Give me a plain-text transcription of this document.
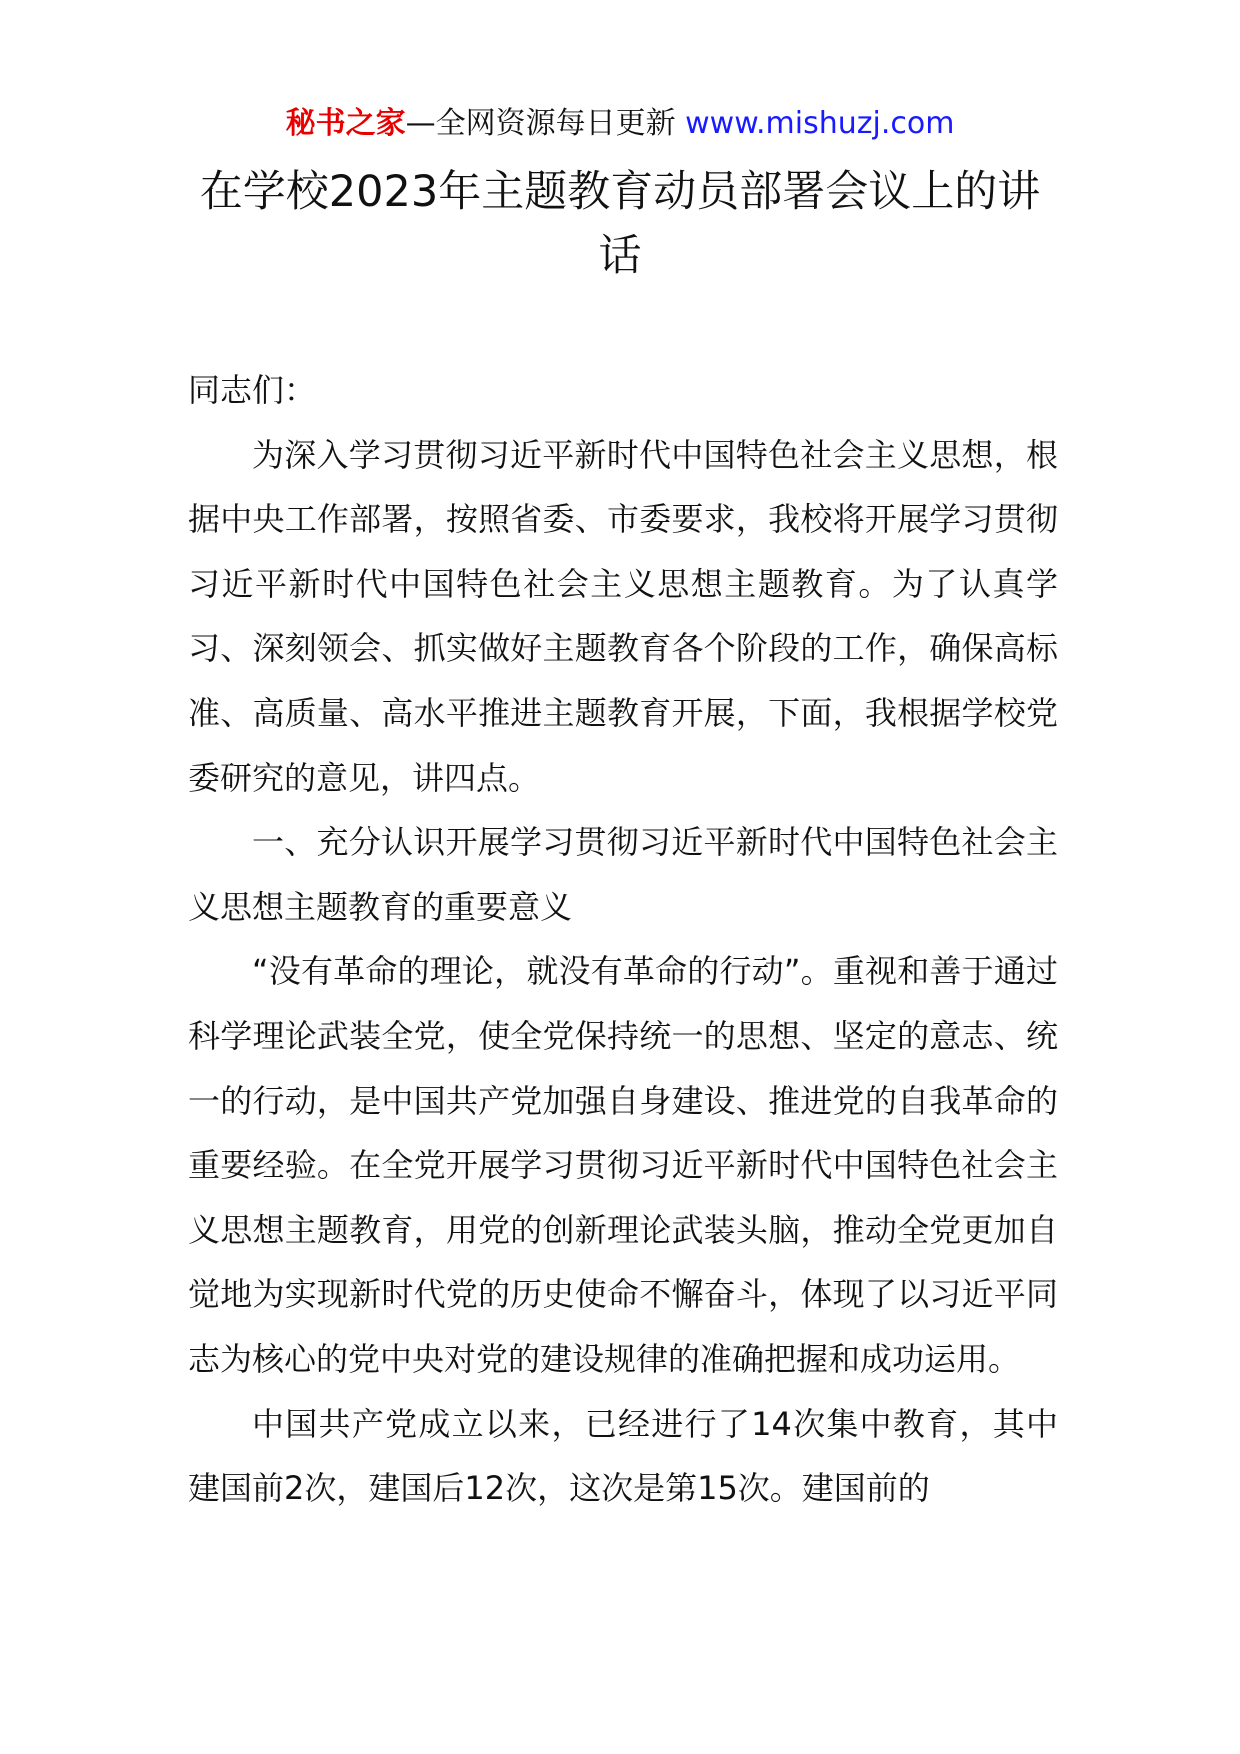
秘书之家—全网资源每日更新 www.mishuzj.com
在学校2023年主题教育动员部署会议上的讲话

同志们：

为深入学习贯彻习近平新时代中国特色社会主义思想，根据中央工作部署，按照省委、市委要求，我校将开展学习贯彻习近平新时代中国特色社会主义思想主题教育。为了认真学习、深刻领会、抓实做好主题教育各个阶段的工作，确保高标准、高质量、高水平推进主题教育开展，下面，我根据学校党委研究的意见，讲四点。

一、充分认识开展学习贯彻习近平新时代中国特色社会主义思想主题教育的重要意义

“没有革命的理论，就没有革命的行动”。重视和善于通过科学理论武装全党，使全党保持统一的思想、坚定的意志、统一的行动，是中国共产党加强自身建设、推进党的自我革命的重要经验。在全党开展学习贯彻习近平新时代中国特色社会主义思想主题教育，用党的创新理论武装头脑，推动全党更加自觉地为实现新时代党的历史使命不懈奋斗，体现了以习近平同志为核心的党中央对党的建设规律的准确把握和成功运用。

中国共产党成立以来，已经进行了14次集中教育，其中建国前2次，建国后12次，这次是第15次。建国前的
